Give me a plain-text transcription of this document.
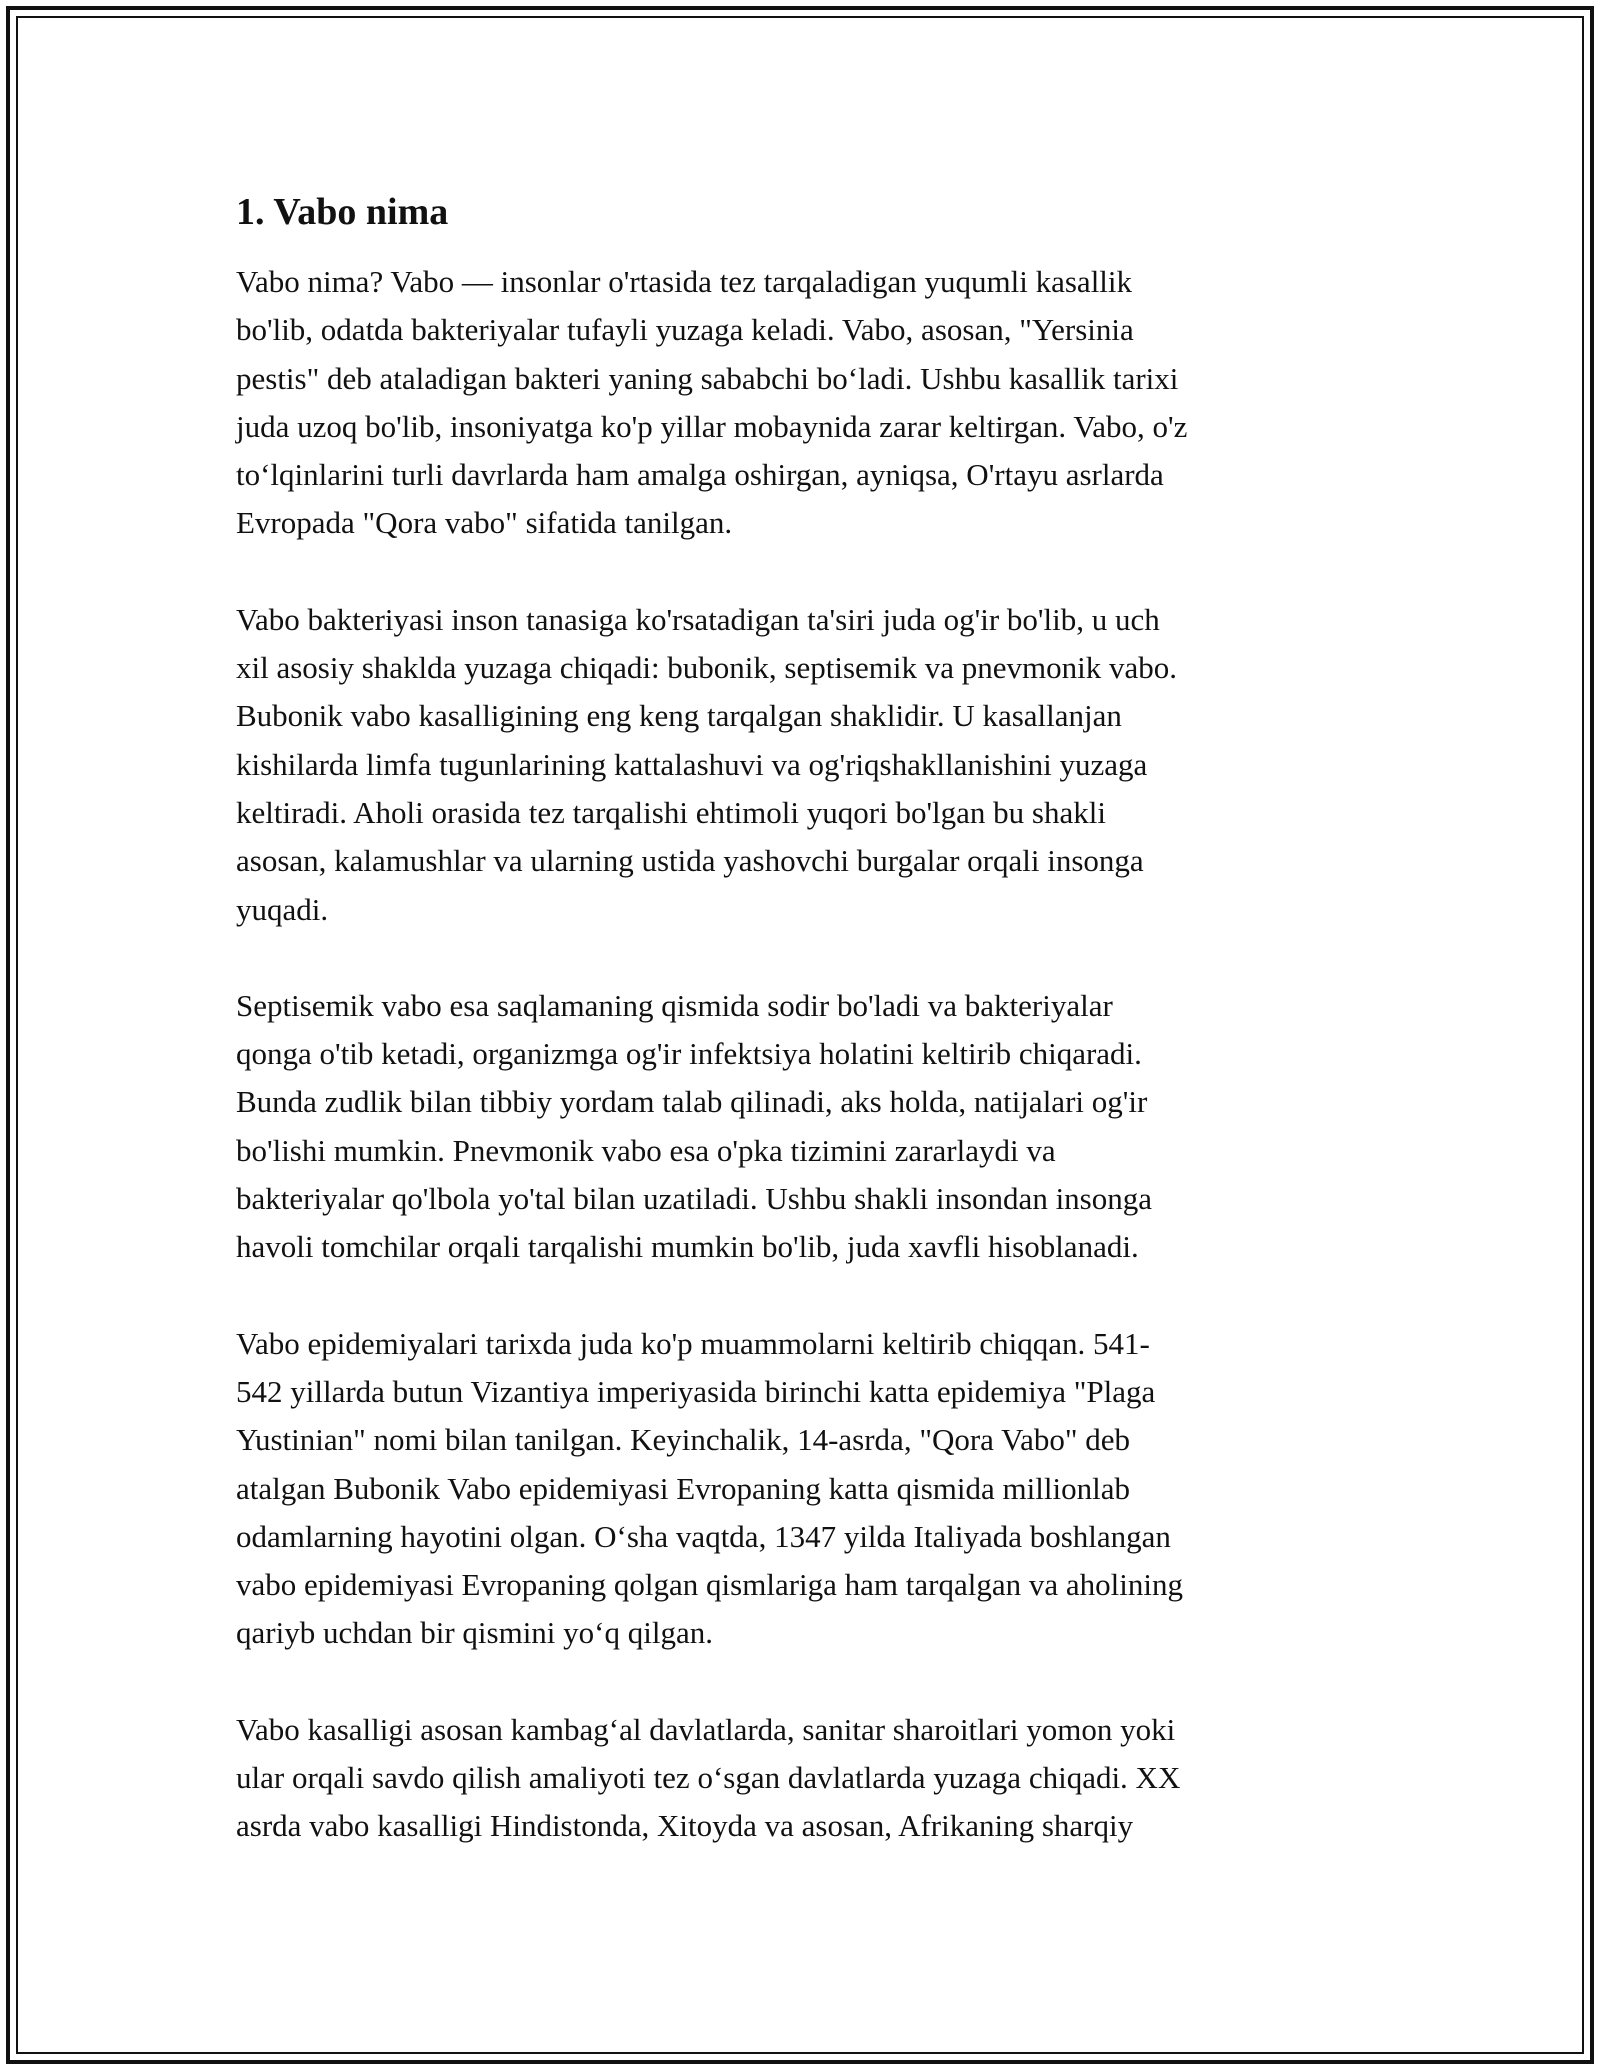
1. Vabo nima

Vabo nima? Vabo — insonlar o'rtasida tez tarqaladigan yuqumli kasallik
bo'lib, odatda bakteriyalar tufayli yuzaga keladi. Vabo, asosan, "Yersinia
pestis" deb ataladigan bakteri yaning sababchi bo‘ladi. Ushbu kasallik tarixi
juda uzoq bo'lib, insoniyatga ko'p yillar mobaynida zarar keltirgan. Vabo, o'z
to‘lqinlarini turli davrlarda ham amalga oshirgan, ayniqsa, O'rtayu asrlarda
Evropada "Qora vabo" sifatida tanilgan.

Vabo bakteriyasi inson tanasiga ko'rsatadigan ta'siri juda og'ir bo'lib, u uch
xil asosiy shaklda yuzaga chiqadi: bubonik, septisemik va pnevmonik vabo.
Bubonik vabo kasalligining eng keng tarqalgan shaklidir. U kasallanjan
kishilarda limfa tugunlarining kattalashuvi va og'riqshakllanishini yuzaga
keltiradi. Aholi orasida tez tarqalishi ehtimoli yuqori bo'lgan bu shakli
asosan, kalamushlar va ularning ustida yashovchi burgalar orqali insonga
yuqadi.

Septisemik vabo esa saqlamaning qismida sodir bo'ladi va bakteriyalar
qonga o'tib ketadi, organizmga og'ir infektsiya holatini keltirib chiqaradi.
Bunda zudlik bilan tibbiy yordam talab qilinadi, aks holda, natijalari og'ir
bo'lishi mumkin. Pnevmonik vabo esa o'pka tizimini zararlaydi va
bakteriyalar qo'lbola yo'tal bilan uzatiladi. Ushbu shakli insondan insonga
havoli tomchilar orqali tarqalishi mumkin bo'lib, juda xavfli hisoblanadi.

Vabo epidemiyalari tarixda juda ko'p muammolarni keltirib chiqqan. 541-
542 yillarda butun Vizantiya imperiyasida birinchi katta epidemiya "Plaga
Yustinian" nomi bilan tanilgan. Keyinchalik, 14-asrda, "Qora Vabo" deb
atalgan Bubonik Vabo epidemiyasi Evropaning katta qismida millionlab
odamlarning hayotini olgan. O‘sha vaqtda, 1347 yilda Italiyada boshlangan
vabo epidemiyasi Evropaning qolgan qismlariga ham tarqalgan va aholining
qariyb uchdan bir qismini yo‘q qilgan.

Vabo kasalligi asosan kambag‘al davlatlarda, sanitar sharoitlari yomon yoki
ular orqali savdo qilish amaliyoti tez o‘sgan davlatlarda yuzaga chiqadi. XX
asrda vabo kasalligi Hindistonda, Xitoyda va asosan, Afrikaning sharqiy
